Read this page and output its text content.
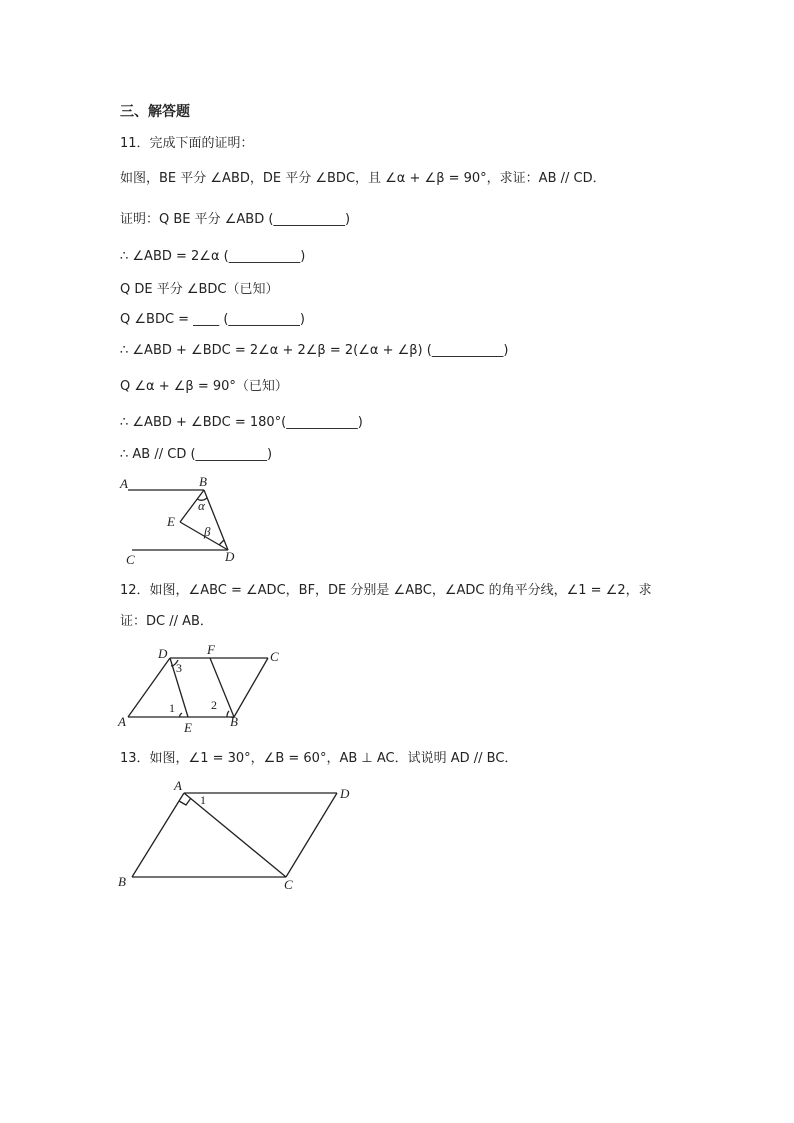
三、解答题
11．完成下面的证明：
如图，BE 平分 ∠ABD，DE 平分 ∠BDC，且 ∠α + ∠β = 90°，求证：AB // CD．
证明：Q BE 平分 ∠ABD (___________)
∴ ∠ABD = 2∠α (___________)
Q DE 平分 ∠BDC（已知）
Q ∠BDC = ____ (___________)
∴ ∠ABD + ∠BDC = 2∠α + 2∠β = 2(∠α + ∠β) (___________)
Q ∠α + ∠β = 90°（已知）
∴ ∠ABD + ∠BDC = 180°(___________)
∴ AB // CD (___________)
A	B
C	D
E
α
β
12．如图，∠ABC = ∠ADC，BF，DE 分别是 ∠ABC，∠ADC 的角平分线，∠1 = ∠2，求
证：DC // AB．
D	F	C
A	E	B
1	2
3
13．如图，∠1 = 30°，∠B = 60°，AB ⊥ AC．试说明 AD // BC．
A
D
B	C
1
